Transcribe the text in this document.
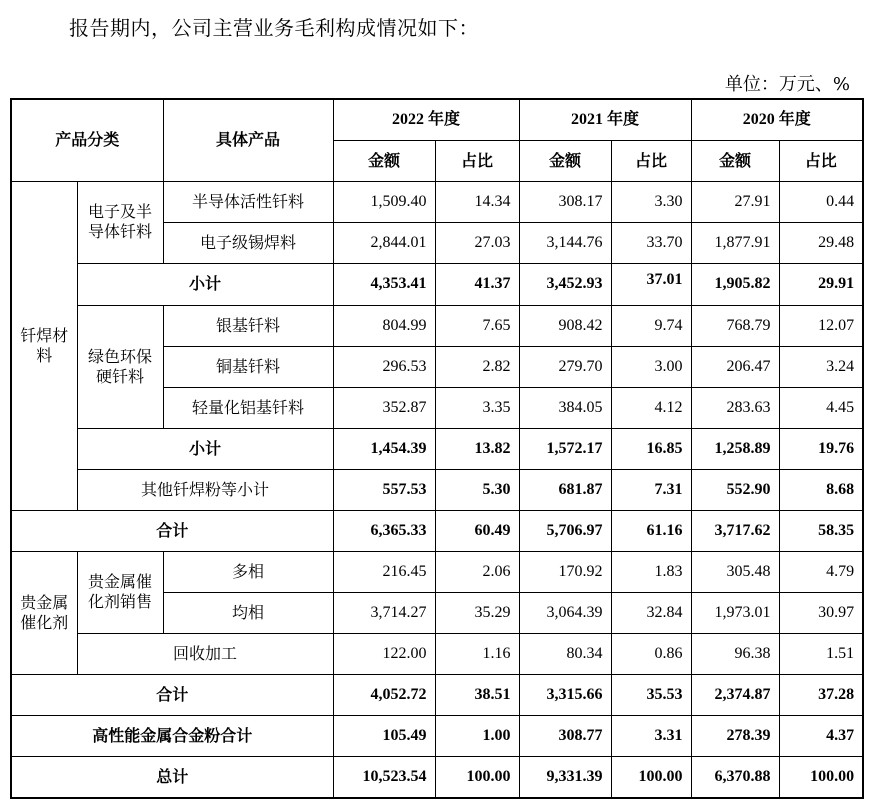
报告期内，公司主营业务毛利构成情况如下：
单位：万元、%
产品分类		具体产品	2022 年度		2021 年度		2020 年度	
			金额	占比	金额	占比	金额	占比
钎焊材料	电子及半导体钎料	半导体活性钎料	1,509.40	14.34	308.17	3.30	27.91	0.44
		电子级锡焊料	2,844.01	27.03	3,144.76	33.70	1,877.91	29.48
	小计		4,353.41	41.37	3,452.93	37.01	1,905.82	29.91
	绿色环保硬钎料	银基钎料	804.99	7.65	908.42	9.74	768.79	12.07
		铜基钎料	296.53	2.82	279.70	3.00	206.47	3.24
		轻量化铝基钎料	352.87	3.35	384.05	4.12	283.63	4.45
	小计		1,454.39	13.82	1,572.17	16.85	1,258.89	19.76
	其他钎焊粉等小计		557.53	5.30	681.87	7.31	552.90	8.68
合计			6,365.33	60.49	5,706.97	61.16	3,717.62	58.35
贵金属催化剂	贵金属催化剂销售	多相	216.45	2.06	170.92	1.83	305.48	4.79
		均相	3,714.27	35.29	3,064.39	32.84	1,973.01	30.97
	回收加工		122.00	1.16	80.34	0.86	96.38	1.51
合计			4,052.72	38.51	3,315.66	35.53	2,374.87	37.28
高性能金属合金粉合计			105.49	1.00	308.77	3.31	278.39	4.37
总计			10,523.54	100.00	9,331.39	100.00	6,370.88	100.00
